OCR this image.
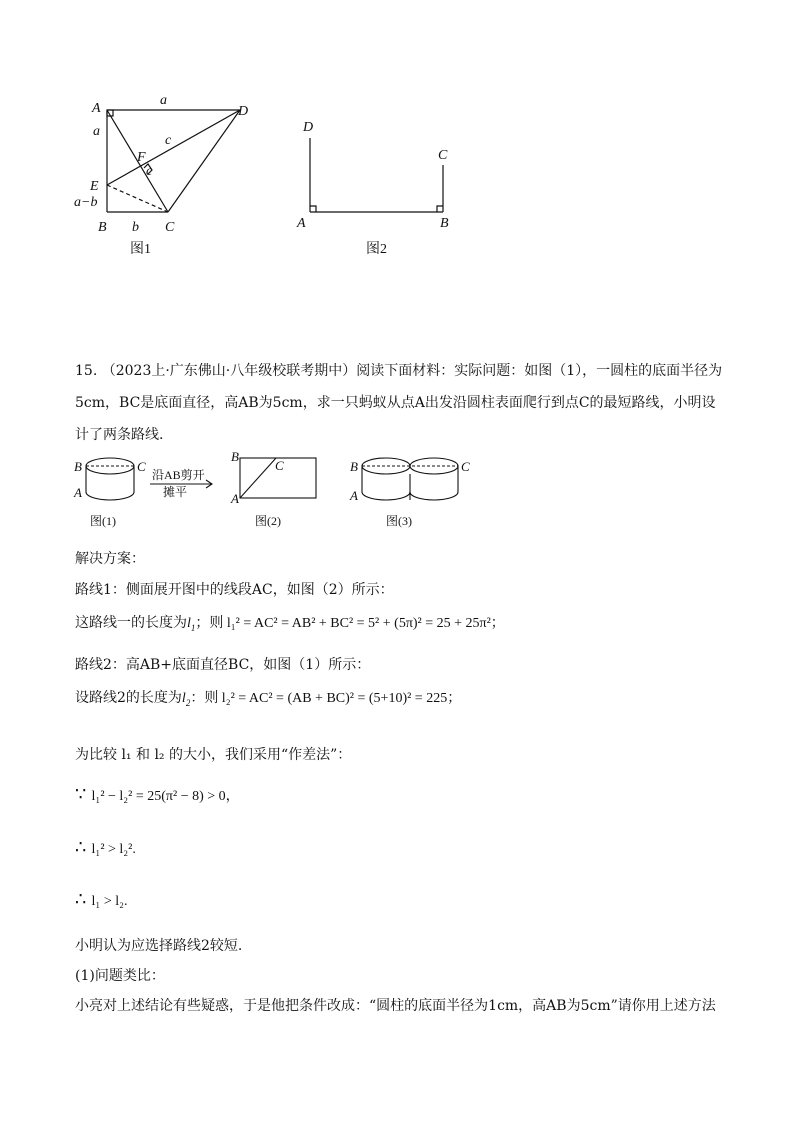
A	D
E
B	C
F
a
a
a−b
b
c
c
图1
D
C
A	B
图2
15. （2023上·广东佛山·八年级校联考期中）阅读下面材料：实际问题：如图（1），一圆柱的底面半径为
5cm，BC是底面直径，高AB为5cm，求一只蚂蚁从点A出发沿圆柱表面爬行到点C的最短路线，小明设
计了两条路线.
B	C
A
B
C
A
B	C
A
沿AB剪开
摊平
图(1)	图(2)	图(3)
解决方案：
路线1：侧面展开图中的线段AC，如图（2）所示：
这路线一的长度为$l_1$；则 l₁² = AC² = AB² + BC² = 5² + (5π)² = 25 + 25π²；
路线2：高AB+底面直径BC，如图（1）所示：
设路线2的长度为$l_2$：则 l₂² = AC² = (AB + BC)² = (5+10)² = 225；
为比较 l₁ 和 l₂ 的大小，我们采用“作差法”：
∵ l₁² − l₂² = 25(π² − 8) > 0，
∴ l₁² > l₂².
∴ l₁ > l₂.
小明认为应选择路线2较短.
(1)问题类比：
小亮对上述结论有些疑惑，于是他把条件改成：“圆柱的底面半径为1cm，高AB为5cm”请你用上述方法
